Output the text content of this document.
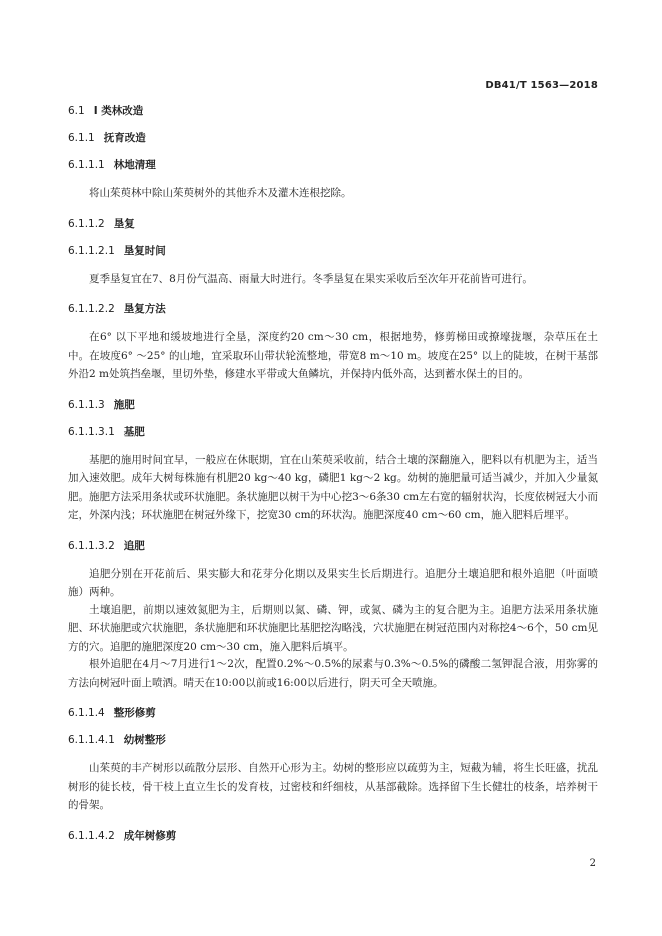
DB41/T 1563—2018
6.1 I 类林改造
6.1.1 抚育改造
6.1.1.1 林地清理
将山茱萸林中除山茱萸树外的其他乔木及灌木连根挖除。
6.1.1.2 垦复
6.1.1.2.1 垦复时间
夏季垦复宜在7、8月份气温高、雨量大时进行。冬季垦复在果实采收后至次年开花前皆可进行。
6.1.1.2.2 垦复方法
在6° 以下平地和缓坡地进行全垦，深度约20 cm～30 cm，根据地势，修剪梯田或撩壕拢堰，杂草压在土中。在坡度6° ～25° 的山地，宜采取环山带状轮流整地，带宽8 m～10 m。坡度在25° 以上的陡坡，在树干基部外沿2 m处筑挡垒堰，里切外垫，修建水平带或大鱼鳞坑，并保持内低外高，达到蓄水保土的目的。
6.1.1.3 施肥
6.1.1.3.1 基肥
基肥的施用时间宜早，一般应在休眠期，宜在山茱萸采收前，结合土壤的深翻施入，肥料以有机肥为主，适当加入速效肥。成年大树每株施有机肥20 kg～40 kg，磷肥1 kg～2 kg。幼树的施肥量可适当减少，并加入少量氮肥。施肥方法采用条状或环状施肥。条状施肥以树干为中心挖3～6条30 cm左右宽的辐射状沟，长度依树冠大小而定，外深内浅；环状施肥在树冠外缘下，挖宽30 cm的环状沟。施肥深度40 cm～60 cm，施入肥料后埋平。
6.1.1.3.2 追肥
追肥分别在开花前后、果实膨大和花芽分化期以及果实生长后期进行。追肥分土壤追肥和根外追肥（叶面喷施）两种。
土壤追肥，前期以速效氮肥为主，后期则以氮、磷、钾，或氮、磷为主的复合肥为主。追肥方法采用条状施肥、环状施肥或穴状施肥，条状施肥和环状施肥比基肥挖沟略浅，穴状施肥在树冠范围内对称挖4～6个，50 cm见方的穴。追肥的施肥深度20 cm～30 cm，施入肥料后填平。
根外追肥在4月～7月进行1～2次，配置0.2%～0.5%的尿素与0.3%～0.5%的磷酸二氢钾混合液，用弥雾的方法向树冠叶面上喷洒。晴天在10:00以前或16:00以后进行，阴天可全天喷施。
6.1.1.4 整形修剪
6.1.1.4.1 幼树整形
山茱萸的丰产树形以疏散分层形、自然开心形为主。幼树的整形应以疏剪为主，短截为辅，将生长旺盛，扰乱树形的徒长枝，骨干枝上直立生长的发育枝，过密枝和纤细枝，从基部截除。选择留下生长健壮的枝条，培养树干的骨架。
6.1.1.4.2 成年树修剪
2
